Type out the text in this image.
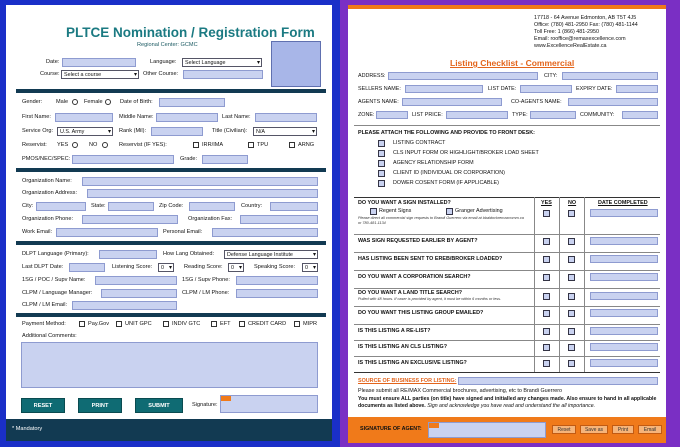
PLTCE Nomination / Registration Form
Regional Center: GCMC
Date:	Language:	Select Language ▾
Course: Select a course ▾	Other Course:
Gender: Male	Female	Date of Birth:
First Name:	Middle Name:	Last Name:
Service Org:	U.S. Army ▾	Rank (Mil):	Title (Civilian):	N/A ▾
Reservist: YES	NO	Reservist (IF YES):	IRR/IMA	TPU	ARNG
PMOS/NEC/SPEC:	Grade:
Organization Name:
Organization Address:
City:	State:	Zip Code:	Country:
Organization Phone:	Organization Fax:
Work Email:	Personal Email:
DLPT Language (Primary):	How Lang Obtained:	Defense Language Institute ▾
Last DLPT Date:	Listening Score:	0 ▾	Reading Score:	0 ▾	Speaking Score:	0 ▾
1SG / POC / Supv Name:	1SG / Supv Phone:
CLPM / Language Manager:	CLPM / LM Phone:
CLPM / LM Email:
Payment Method:	Pay.Gov	UNIT GPC	INDIV GTC	EFT	CREDIT CARD	MIPR
Additional Comments:
RESET	PRINT	SUBMIT	Signature:
* Mandatory
17718 - 64 Avenue Edmonton, AB T5T 4J5
Office: (780) 481-2950 Fax: (780) 481-1144
Toll Free: 1 (866) 481-2950
Email: rooffice@remaxexcellence.com
www.ExcellenceRealEstate.ca
Listing Checklist - Commercial
ADDRESS:	CITY:
SELLERS NAME:	LIST DATE:	EXPIRY DATE:
AGENTS NAME:	CO-AGENTS NAME:
ZONE:	LIST PRICE:	TYPE:	COMMUNITY:
PLEASE ATTACH THE FOLLOWING AND PROVIDE TO FRONT DESK:
LISTING CONTRACT
CLS INPUT FORM OR HIGHLIGHT/BROKER LOAD SHEET
AGENCY RELATIONSHIP FORM
CLIENT ID (INDIVIDUAL OR CORPORATION)
DOWER COSENT FORM (IF APPLICABLE)
DO YOU WANT A SIGN INSTALLED?	YES	NO	DATE COMPLETED
Regent Signs	Granger Advertising
Please direct all commercial sign requests to Brandi Guerrero via email at bbaldockremaxcomm.ca or 780-481-1134
WAS SIGN REQUESTED EARLIER BY AGENT?
HAS LISTING BEEN SENT TO EREB/BROKER LOADED?
DO YOU WANT A CORPORATION SEARCH?
DO YOU WANT A LAND TITLE SEARCH?
Pulled with 48 hours. If caser is provided by agent, it must be within 6 months or less.
DO YOU WANT THIS LISTING GROUP EMAILED?
IS THIS LISTING A RE-LIST?
IS THIS LISTING AN CLS LISTING?
IS THIS LISTING AN EXCLUSIVE LISTING?
SOURCE OF BUSINESS FOR LISTING:
Please submit all RE/MAX Commercial brochures, advertising, etc to Brandi Guerrero
You must ensure ALL parties (on title) have signed and initialled any changes made. Also ensure to hand in all applicable documents as listed above. Sign and acknowledge you have read and understand the all importance.
SIGNATURE OF AGENT:	Reset	Save as	Print	Email
